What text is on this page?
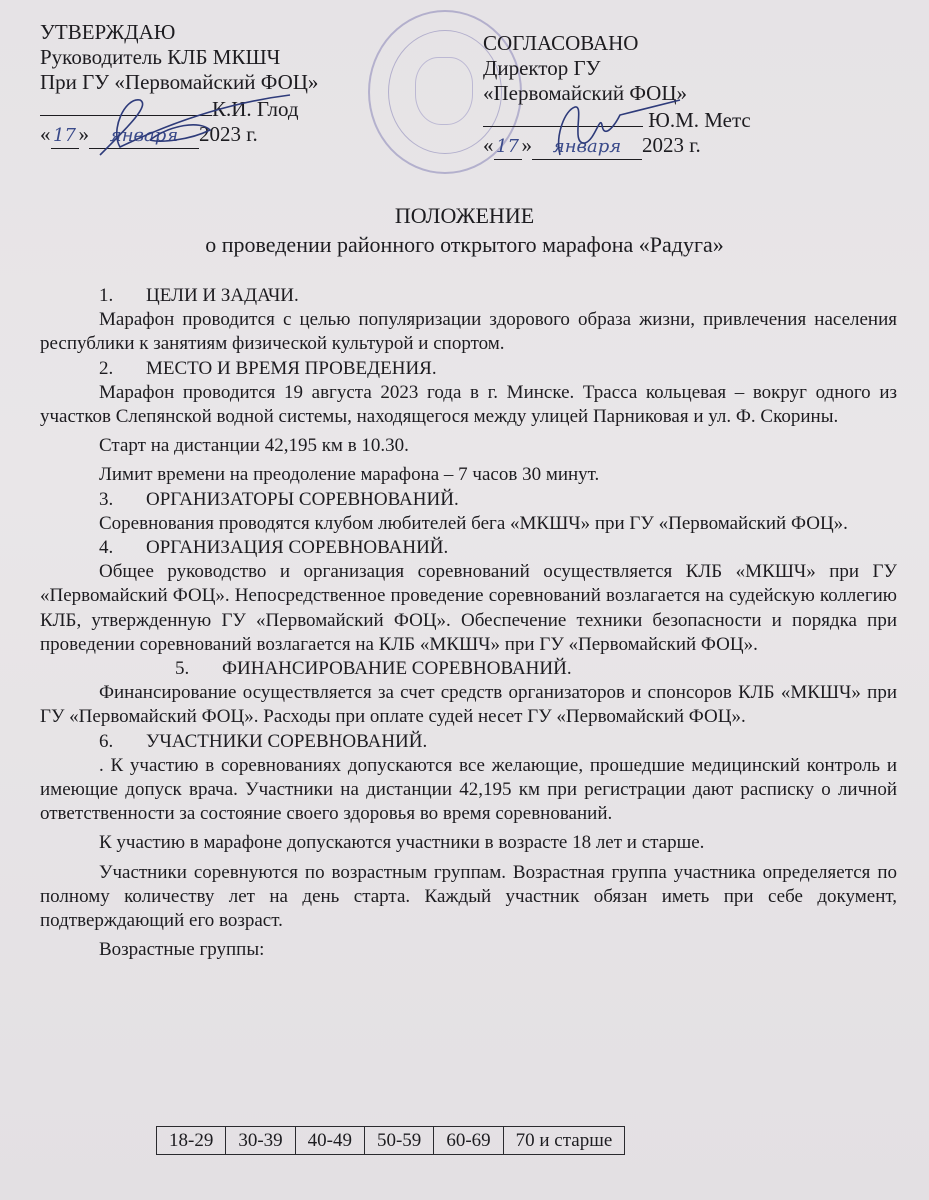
УТВЕРЖДАЮ
Руководитель КЛБ МКШЧ
При ГУ «Первомайский ФОЦ»
К.И. Глод
« 17 » января 2023 г.
СОГЛАСОВАНО
Директор ГУ
«Первомайский ФОЦ»
Ю.М. Метс
« 17 » января 2023 г.
ПОЛОЖЕНИЕ
о проведении районного открытого марафона «Радуга»

1. ЦЕЛИ И ЗАДАЧИ.

Марафон проводится с целью популяризации здорового образа жизни, привлечения населения республики к занятиям физической культурой и спортом.

2. МЕСТО И ВРЕМЯ ПРОВЕДЕНИЯ.

Марафон проводится 19 августа 2023 года в г. Минске. Трасса кольцевая – вокруг одного из участков Слепянской водной системы, находящегося между улицей Парниковая и ул. Ф. Скорины.

Старт на дистанции 42,195 км в 10.30.

Лимит времени на преодоление марафона – 7 часов 30 минут.

3. ОРГАНИЗАТОРЫ СОРЕВНОВАНИЙ.

Соревнования проводятся клубом любителей бега «МКШЧ» при ГУ «Первомайский ФОЦ».

4. ОРГАНИЗАЦИЯ СОРЕВНОВАНИЙ.

Общее руководство и организация соревнований осуществляется КЛБ «МКШЧ» при ГУ «Первомайский ФОЦ». Непосредственное проведение соревнований возлагается на судейскую коллегию КЛБ, утвержденную ГУ «Первомайский ФОЦ». Обеспечение техники безопасности и порядка при проведении соревнований возлагается на КЛБ «МКШЧ» при ГУ «Первомайский ФОЦ».

5. ФИНАНСИРОВАНИЕ СОРЕВНОВАНИЙ.

Финансирование осуществляется за счет средств организаторов и спонсоров КЛБ «МКШЧ» при ГУ «Первомайский ФОЦ». Расходы при оплате судей несет ГУ «Первомайский ФОЦ».

6. УЧАСТНИКИ СОРЕВНОВАНИЙ.

. К участию в соревнованиях допускаются все желающие, прошедшие медицинский контроль и имеющие допуск врача. Участники на дистанции 42,195 км при регистрации дают расписку о личной ответственности за состояние своего здоровья во время соревнований.

К участию в марафоне допускаются участники в возрасте 18 лет и старше.

Участники соревнуются по возрастным группам. Возрастная группа участника определяется по полному количеству лет на день старта. Каждый участник обязан иметь при себе документ, подтверждающий его возраст.

Возрастные группы:

18-29	30-39	40-49	50-59	60-69	70 и старше
